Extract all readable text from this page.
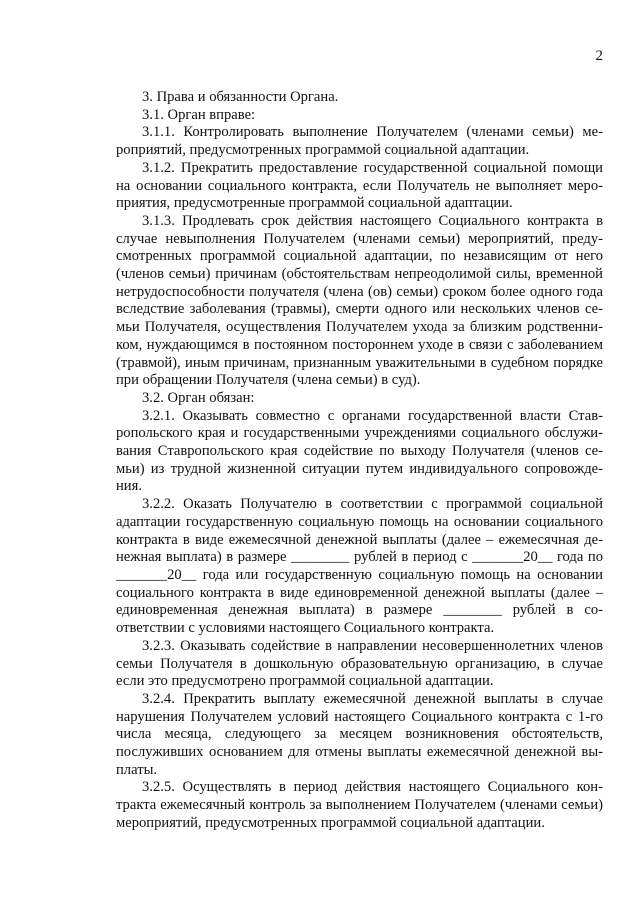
2

3. Права и обязанности Органа.

3.1. Орган вправе:

3.1.1. Контролировать выполнение Получателем (членами семьи) мероприятий, предусмотренных программой социальной адаптации.

3.1.2. Прекратить предоставление государственной социальной помощи на основании социального контракта, если Получатель не выполняет мероприятия, предусмотренные программой социальной адаптации.

3.1.3. Продлевать срок действия настоящего Социального контракта в случае невыполнения Получателем (членами семьи) мероприятий, предусмотренных программой социальной адаптации, по независящим от него (членов семьи) причинам (обстоятельствам непреодолимой силы, временной нетрудоспособности получателя (члена (ов) семьи) сроком более одного года вследствие заболевания (травмы), смерти одного или нескольких членов семьи Получателя, осуществления Получателем ухода за близким родственником, нуждающимся в постоянном постороннем уходе в связи с заболеванием (травмой), иным причинам, признанным уважительными в судебном порядке при обращении Получателя (члена семьи) в суд).

3.2. Орган обязан:

3.2.1. Оказывать совместно с органами государственной власти Ставропольского края и государственными учреждениями социального обслуживания Ставропольского края содействие по выходу Получателя (членов семьи) из трудной жизненной ситуации путем индивидуального сопровождения.

3.2.2. Оказать Получателю в соответствии с программой социальной адаптации государственную социальную помощь на основании социального контракта в виде ежемесячной денежной выплаты (далее – ежемесячная денежная выплата) в размере ________ рублей в период с _______20__ года по _______20__ года или государственную социальную помощь на основании социального контракта в виде единовременной денежной выплаты (далее – единовременная денежная выплата) в размере ________ рублей в соответствии с условиями настоящего Социального контракта.

3.2.3. Оказывать содействие в направлении несовершеннолетних членов семьи Получателя в дошкольную образовательную организацию, в случае если это предусмотрено программой социальной адаптации.

3.2.4. Прекратить выплату ежемесячной денежной выплаты в случае нарушения Получателем условий настоящего Социального контракта с 1-го числа месяца, следующего за месяцем возникновения обстоятельств, послуживших основанием для отмены выплаты ежемесячной денежной выплаты.

3.2.5. Осуществлять в период действия настоящего Социального контракта ежемесячный контроль за выполнением Получателем (членами семьи) мероприятий, предусмотренных программой социальной адаптации.
